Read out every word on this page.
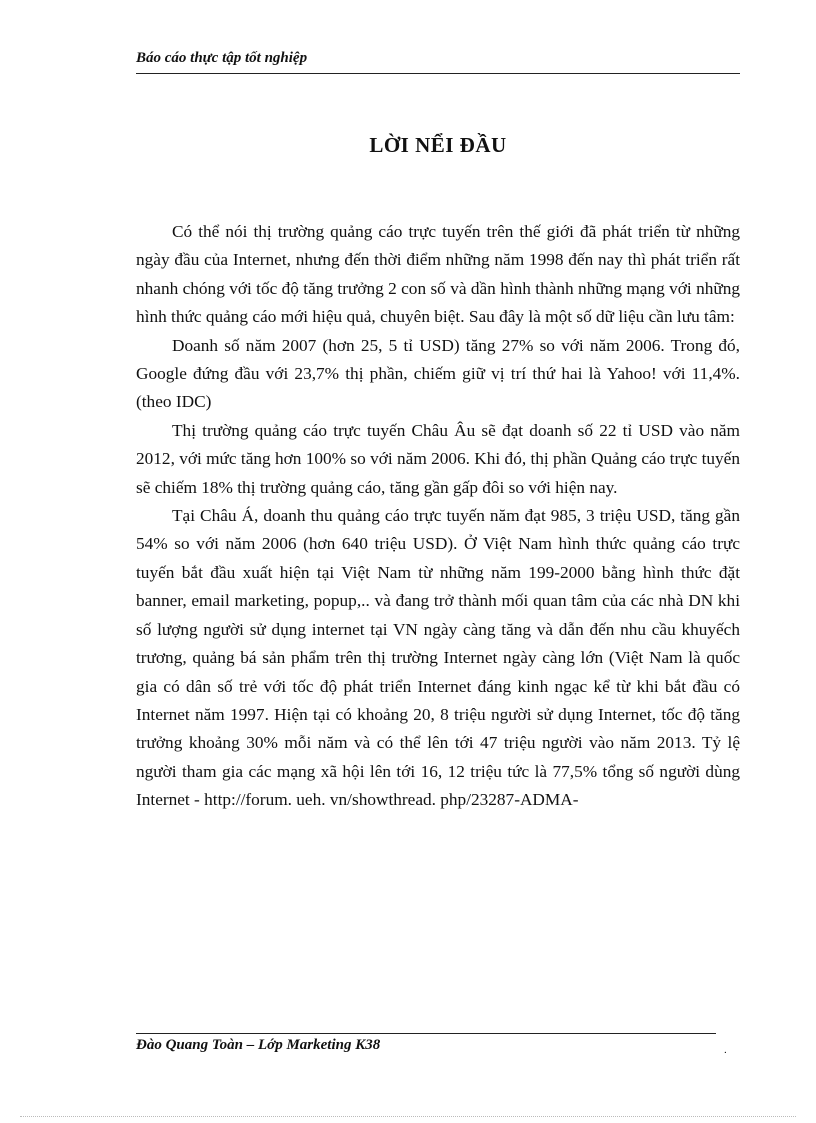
Báo cáo thực tập tốt nghiệp
LỜI NỂI ĐẦU

Có thể nói thị trường quảng cáo trực tuyến trên thế giới đã phát triển từ những ngày đầu của Internet, nhưng đến thời điểm những năm 1998 đến nay thì phát triển rất nhanh chóng với tốc độ tăng trưởng 2 con số và dần hình thành những mạng với những hình thức quảng cáo mới hiệu quả, chuyên biệt. Sau đây là một số dữ liệu cần lưu tâm:

Doanh số năm 2007 (hơn 25, 5 tỉ USD) tăng 27% so với năm 2006. Trong đó, Google đứng đầu với 23,7% thị phần, chiếm giữ vị trí thứ hai là Yahoo! với 11,4%. (theo IDC)

Thị trường quảng cáo trực tuyến Châu Âu sẽ đạt doanh số 22 tỉ USD vào năm 2012, với mức tăng hơn 100% so với năm 2006. Khi đó, thị phần Quảng cáo trực tuyến sẽ chiếm 18% thị trường quảng cáo, tăng gần gấp đôi so với hiện nay.

Tại Châu Á, doanh thu quảng cáo trực tuyến năm đạt 985, 3 triệu USD, tăng gần 54% so với năm 2006 (hơn 640 triệu USD). Ở Việt Nam hình thức quảng cáo trực tuyến bắt đầu xuất hiện tại Việt Nam từ những năm 199-2000 bằng hình thức đặt banner, email marketing, popup,.. và đang trở thành mối quan tâm của các nhà DN khi số lượng người sử dụng internet tại VN ngày càng tăng và dẫn đến nhu cầu khuyếch trương, quảng bá sản phẩm trên thị trường Internet ngày càng lớn (Việt Nam là quốc gia có dân số trẻ với tốc độ phát triển Internet đáng kinh ngạc kể từ khi bắt đầu có Internet năm 1997. Hiện tại có khoảng 20, 8 triệu người sử dụng Internet, tốc độ tăng trưởng khoảng 30% mỗi năm và có thể lên tới 47 triệu người vào năm 2013. Tỷ lệ người tham gia các mạng xã hội lên tới 16, 12 triệu tức là 77,5% tổng số người dùng Internet - http://forum. ueh. vn/showthread. php/23287-ADMA-

Đào Quang Toàn – Lớp Marketing K38	.
